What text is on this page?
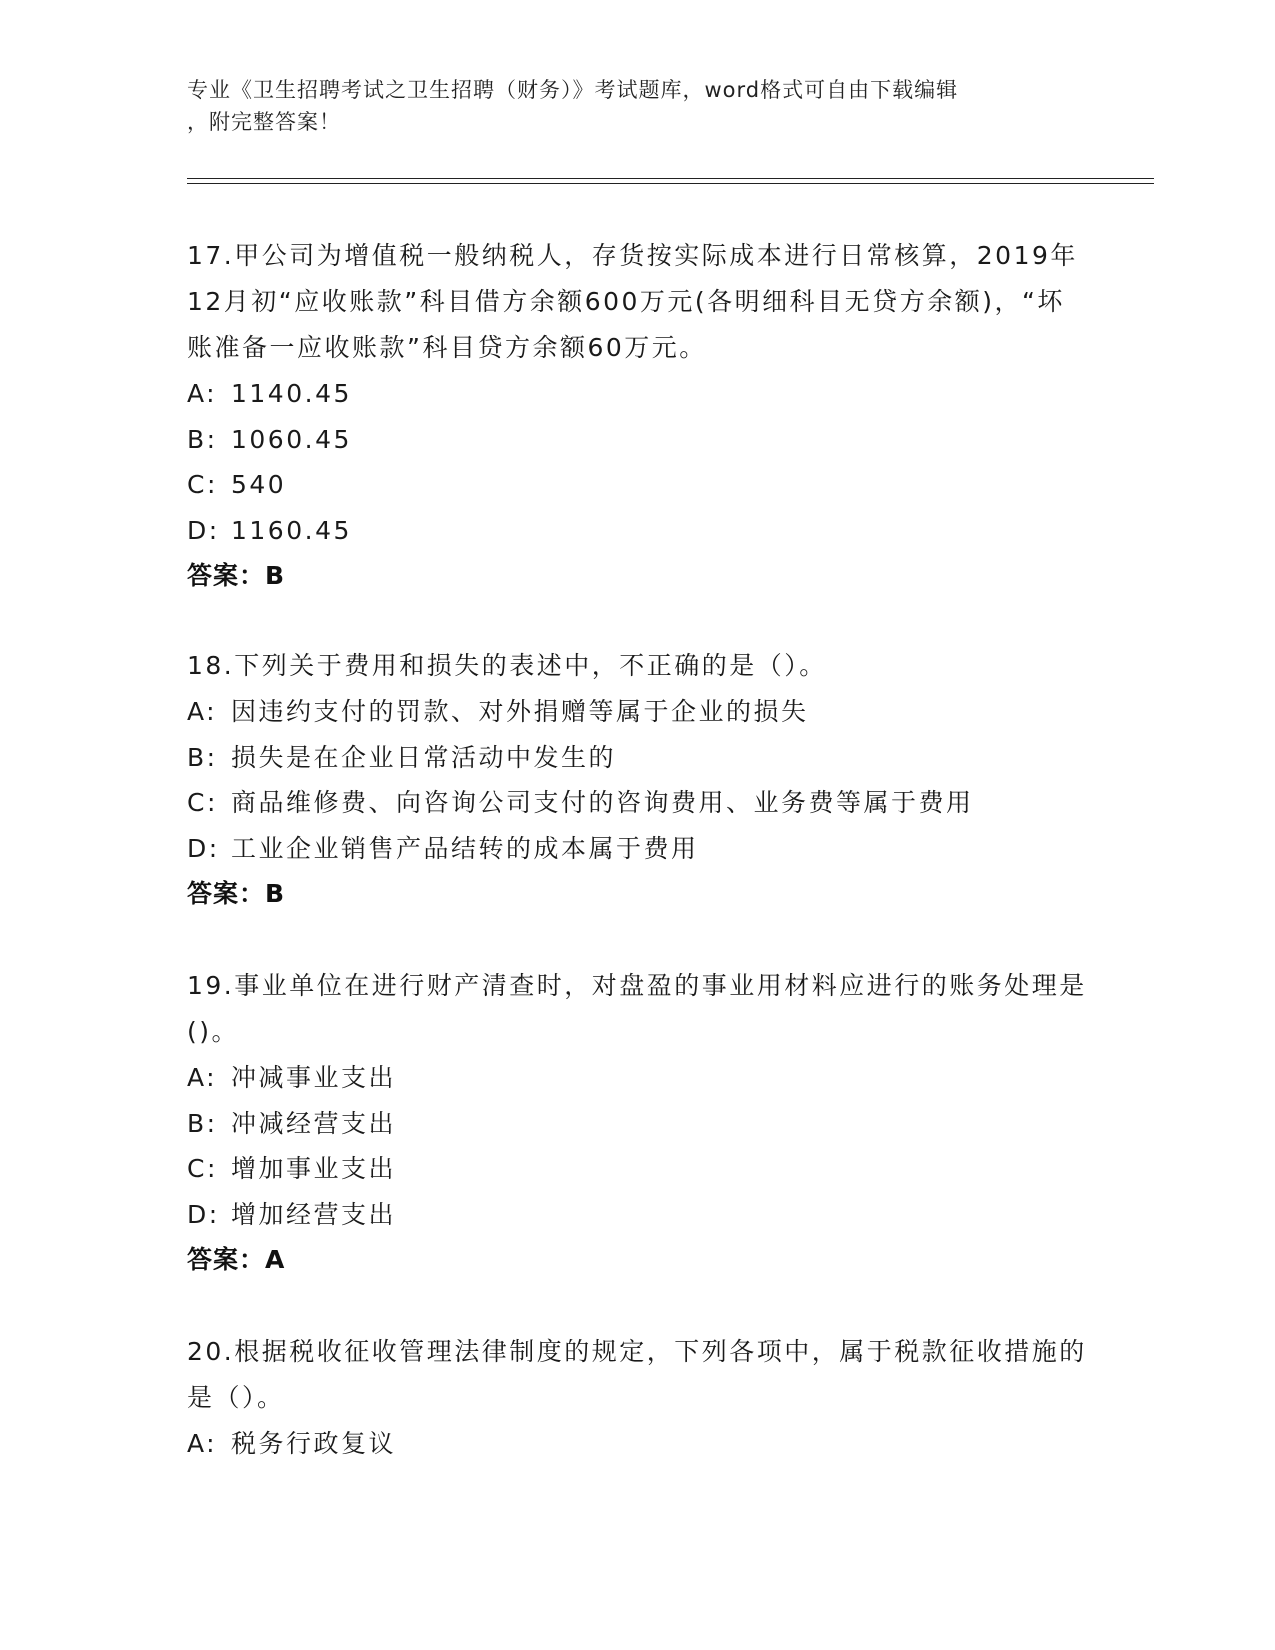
专业《卫生招聘考试之卫生招聘（财务）》考试题库，word格式可自由下载编辑
，附完整答案！
17.甲公司为增值税一般纳税人，存货按实际成本进行日常核算，2019年12月初“应收账款”科目借方余额600万元(各明细科目无贷方余额)，“坏账准备一应收账款”科目贷方余额60万元。
A: 1140.45
B: 1060.45
C: 540
D: 1160.45
答案：B
18.下列关于费用和损失的表述中，不正确的是（）。
A: 因违约支付的罚款、对外捐赠等属于企业的损失
B: 损失是在企业日常活动中发生的
C: 商品维修费、向咨询公司支付的咨询费用、业务费等属于费用
D: 工业企业销售产品结转的成本属于费用
答案：B
19.事业单位在进行财产清查时，对盘盈的事业用材料应进行的账务处理是()。
A: 冲减事业支出
B: 冲减经营支出
C: 增加事业支出
D: 增加经营支出
答案：A
20.根据税收征收管理法律制度的规定，下列各项中，属于税款征收措施的是（）。
A: 税务行政复议
